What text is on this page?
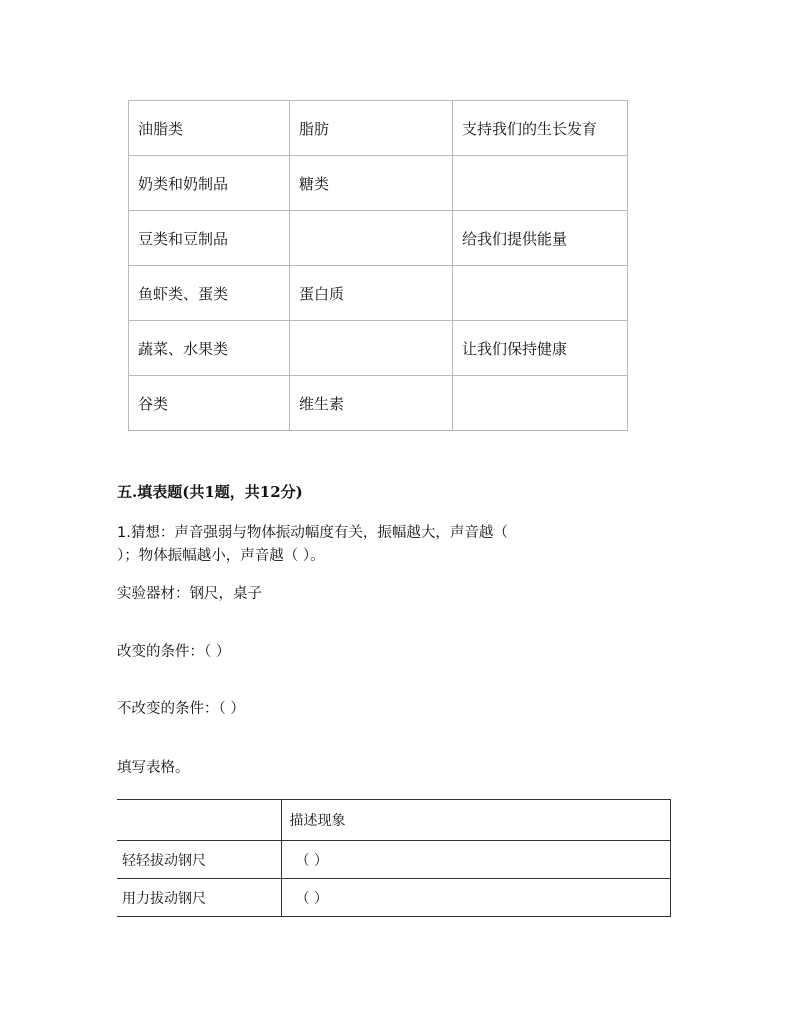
油脂类	脂肪	支持我们的生长发育
奶类和奶制品	糖类	
豆类和豆制品		给我们提供能量
鱼虾类、蛋类	蛋白质	
蔬菜、水果类		让我们保持健康
谷类	维生素	
五.填表题(共1题，共12分)
1.猜想：声音强弱与物体振动幅度有关，振幅越大，声音越（
）；物体振幅越小，声音越（ ）。
实验器材：钢尺，桌子
改变的条件：（ ）
不改变的条件：（ ）
填写表格。
	描述现象
轻轻拔动钢尺	（ ）
用力拔动钢尺	（ ）
